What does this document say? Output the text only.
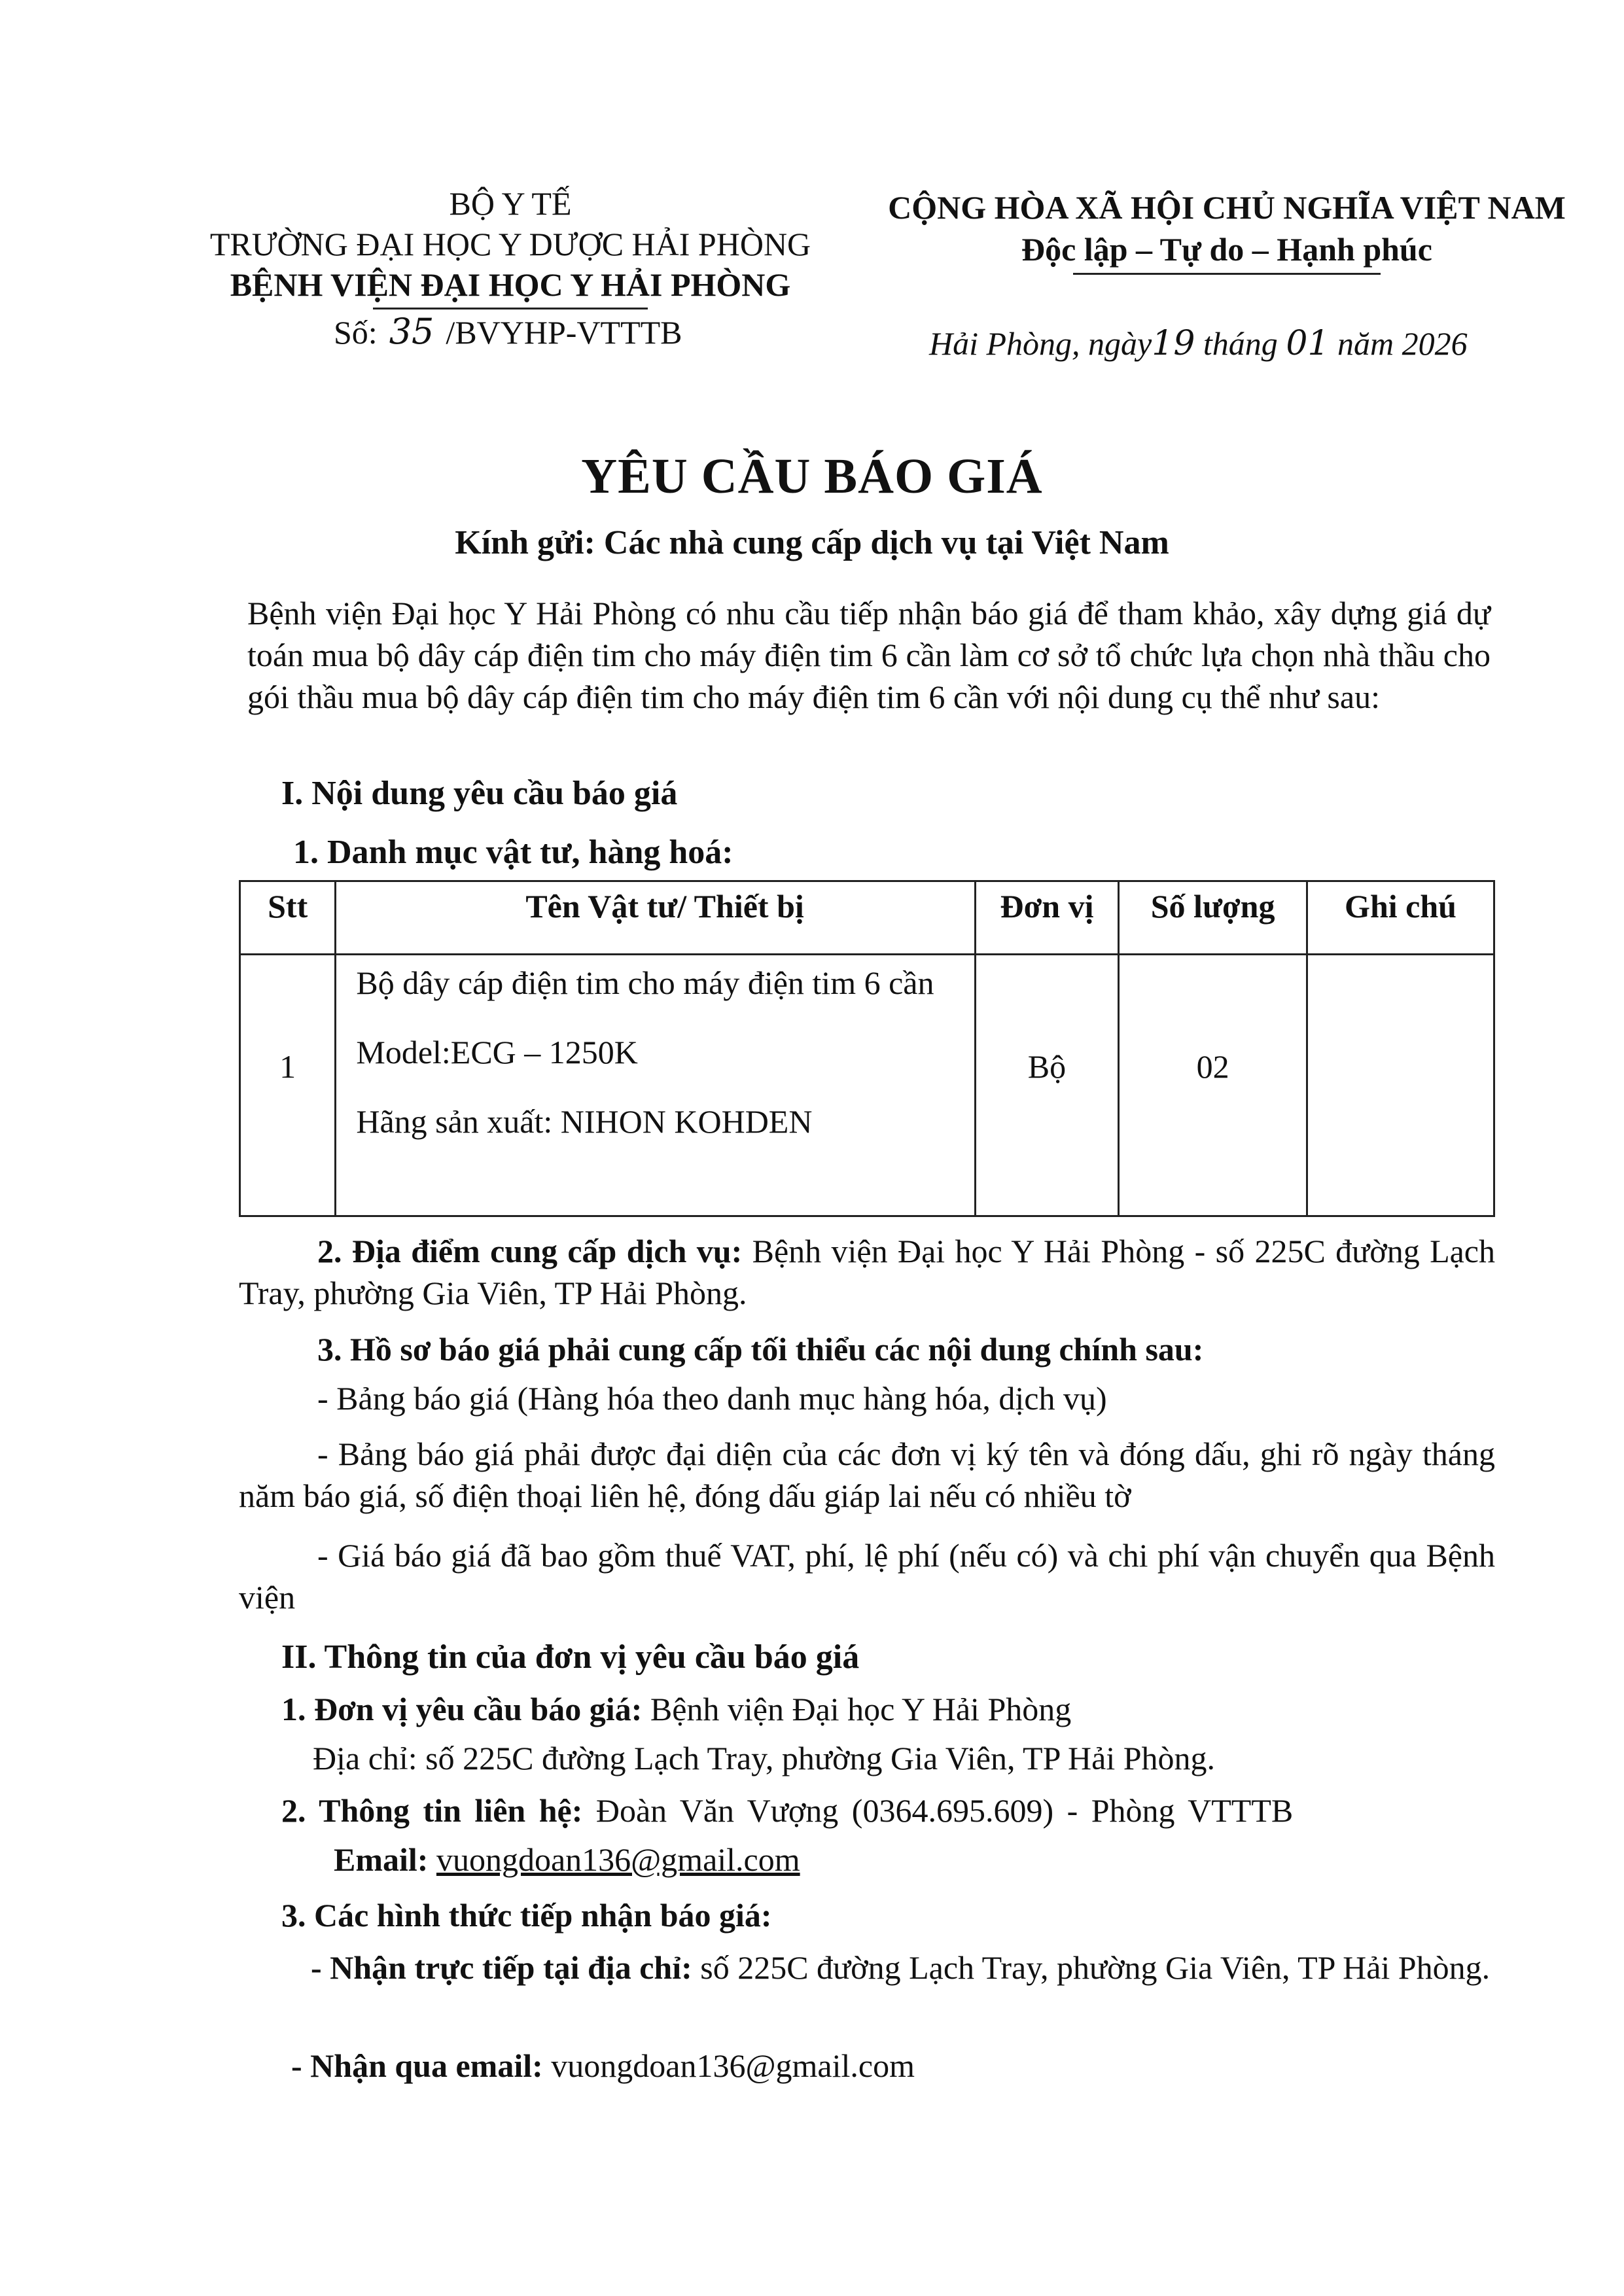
BỘ Y TẾ
TRƯỜNG ĐẠI HỌC Y DƯỢC HẢI PHÒNG
BỆNH VIỆN ĐẠI HỌC Y HẢI PHÒNG
CỘNG HÒA XÃ HỘI CHỦ NGHĨA VIỆT NAM
Độc lập – Tự do – Hạnh phúc
Số: 35 /BVYHP-VTTTB	Hải Phòng, ngày19 tháng 01 năm 2026
YÊU CẦU BÁO GIÁ
Kính gửi: Các nhà cung cấp dịch vụ tại Việt Nam
Bệnh viện Đại học Y Hải Phòng có nhu cầu tiếp nhận báo giá để tham khảo, xây dựng giá dự toán mua bộ dây cáp điện tim cho máy điện tim 6 cần làm cơ sở tổ chức lựa chọn nhà thầu cho gói thầu mua bộ dây cáp điện tim cho máy điện tim 6 cần với nội dung cụ thể như sau:
I. Nội dung yêu cầu báo giá
1. Danh mục vật tư, hàng hoá:
Stt	Tên Vật tư/ Thiết bị	Đơn vị	Số lượng	Ghi chú

1	Bộ dây cáp điện tim cho máy điện tim 6 cần
Model:ECG – 1250K
Hãng sản xuất: NIHON KOHDEN	Bộ	02	

2. Địa điểm cung cấp dịch vụ: Bệnh viện Đại học Y Hải Phòng - số 225C đường Lạch Tray, phường Gia Viên, TP Hải Phòng.
3. Hồ sơ báo giá phải cung cấp tối thiểu các nội dung chính sau:
- Bảng báo giá (Hàng hóa theo danh mục hàng hóa, dịch vụ)
- Bảng báo giá phải được đại diện của các đơn vị ký tên và đóng dấu, ghi rõ ngày tháng năm báo giá, số điện thoại liên hệ, đóng dấu giáp lai nếu có nhiều tờ
- Giá báo giá đã bao gồm thuế VAT, phí, lệ phí (nếu có) và chi phí vận chuyển qua Bệnh viện
II. Thông tin của đơn vị yêu cầu báo giá
1. Đơn vị yêu cầu báo giá: Bệnh viện Đại học Y Hải Phòng
Địa chỉ: số 225C đường Lạch Tray, phường Gia Viên, TP Hải Phòng.
2. Thông tin liên hệ: Đoàn Văn Vượng (0364.695.609) - Phòng VTTTB
Email: vuongdoan136@gmail.com
3. Các hình thức tiếp nhận báo giá:
- Nhận trực tiếp tại địa chỉ: số 225C đường Lạch Tray, phường Gia Viên, TP Hải Phòng.
- Nhận qua email: vuongdoan136@gmail.com
